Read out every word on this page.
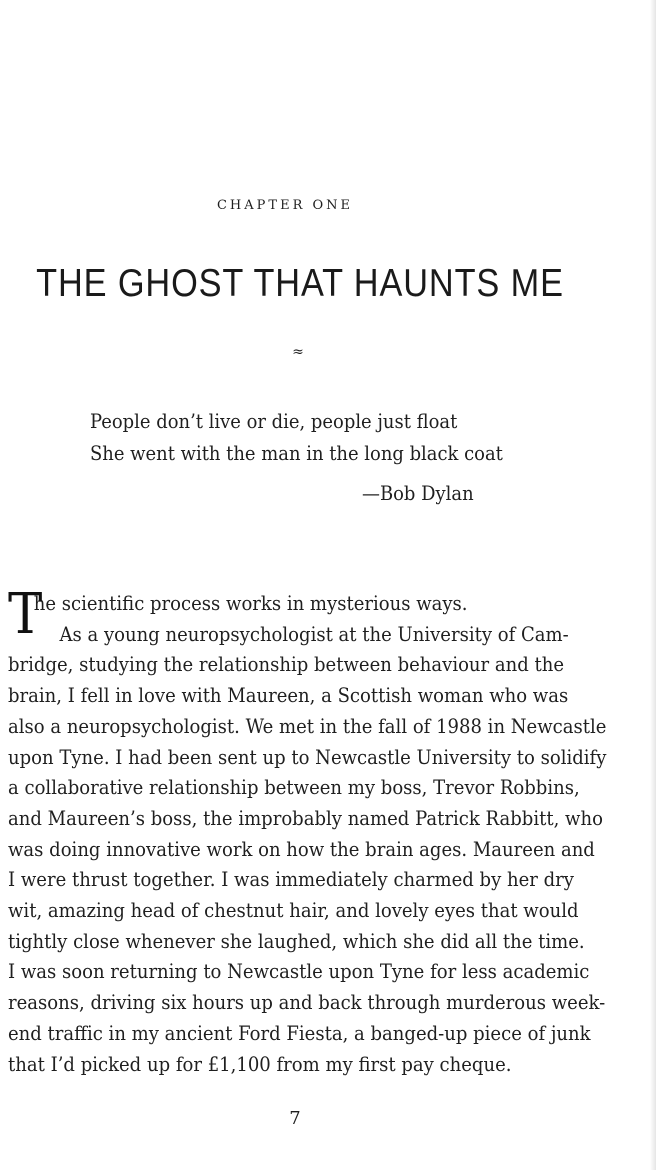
CHAPTER ONE
THE GHOST THAT HAUNTS ME
≈
People don’t live or die, people just float
She went with the man in the long black coat
—Bob Dylan
T
he scientific process works in mysterious ways.
As a young neuropsychologist at the University of Cam-
bridge, studying the relationship between behaviour and the
brain, I fell in love with Maureen, a Scottish woman who was
also a neuropsychologist. We met in the fall of 1988 in Newcastle
upon Tyne. I had been sent up to Newcastle University to solidify
a collaborative relationship between my boss, Trevor Robbins,
and Maureen’s boss, the improbably named Patrick Rabbitt, who
was doing innovative work on how the brain ages. Maureen and
I were thrust together. I was immediately charmed by her dry
wit, amazing head of chestnut hair, and lovely eyes that would
tightly close whenever she laughed, which she did all the time.
I was soon returning to Newcastle upon Tyne for less academic
reasons, driving six hours up and back through murderous week-
end traffic in my ancient Ford Fiesta, a banged-up piece of junk
that I’d picked up for £1,100 from my first pay cheque.
7
